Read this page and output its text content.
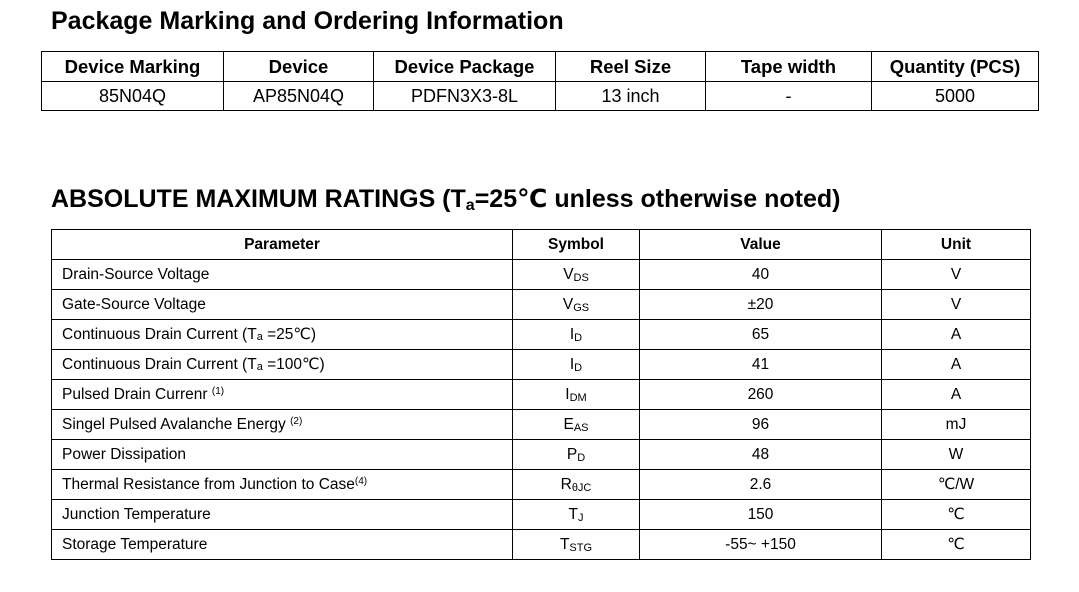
Package Marking and Ordering Information
Device Marking	Device	Device Package	Reel Size	Tape width	Quantity (PCS)
85N04Q	AP85N04Q	PDFN3X3-8L	13 inch	-	5000
ABSOLUTE MAXIMUM RATINGS ($T_a=25℃$ unless otherwise noted)
Parameter	Symbol	Value	Unit
Drain-Source Voltage	VDS	40	V
Gate-Source Voltage	VGS	±20	V
Continuous Drain Current (Ta =25℃)	ID	65	A
Continuous Drain Current (Ta =100℃)	ID	41	A
Pulsed Drain Currenr $^{(1)}$	IDM	260	A
Singel Pulsed Avalanche Energy $^{(2)}$	EAS	96	mJ
Power Dissipation	PD	48	W
Thermal Resistance from Junction to Case$^{(4)}$	RθJC	2.6	℃/W
Junction Temperature	TJ	150	℃
Storage Temperature	TSTG	-55~ +150	℃
